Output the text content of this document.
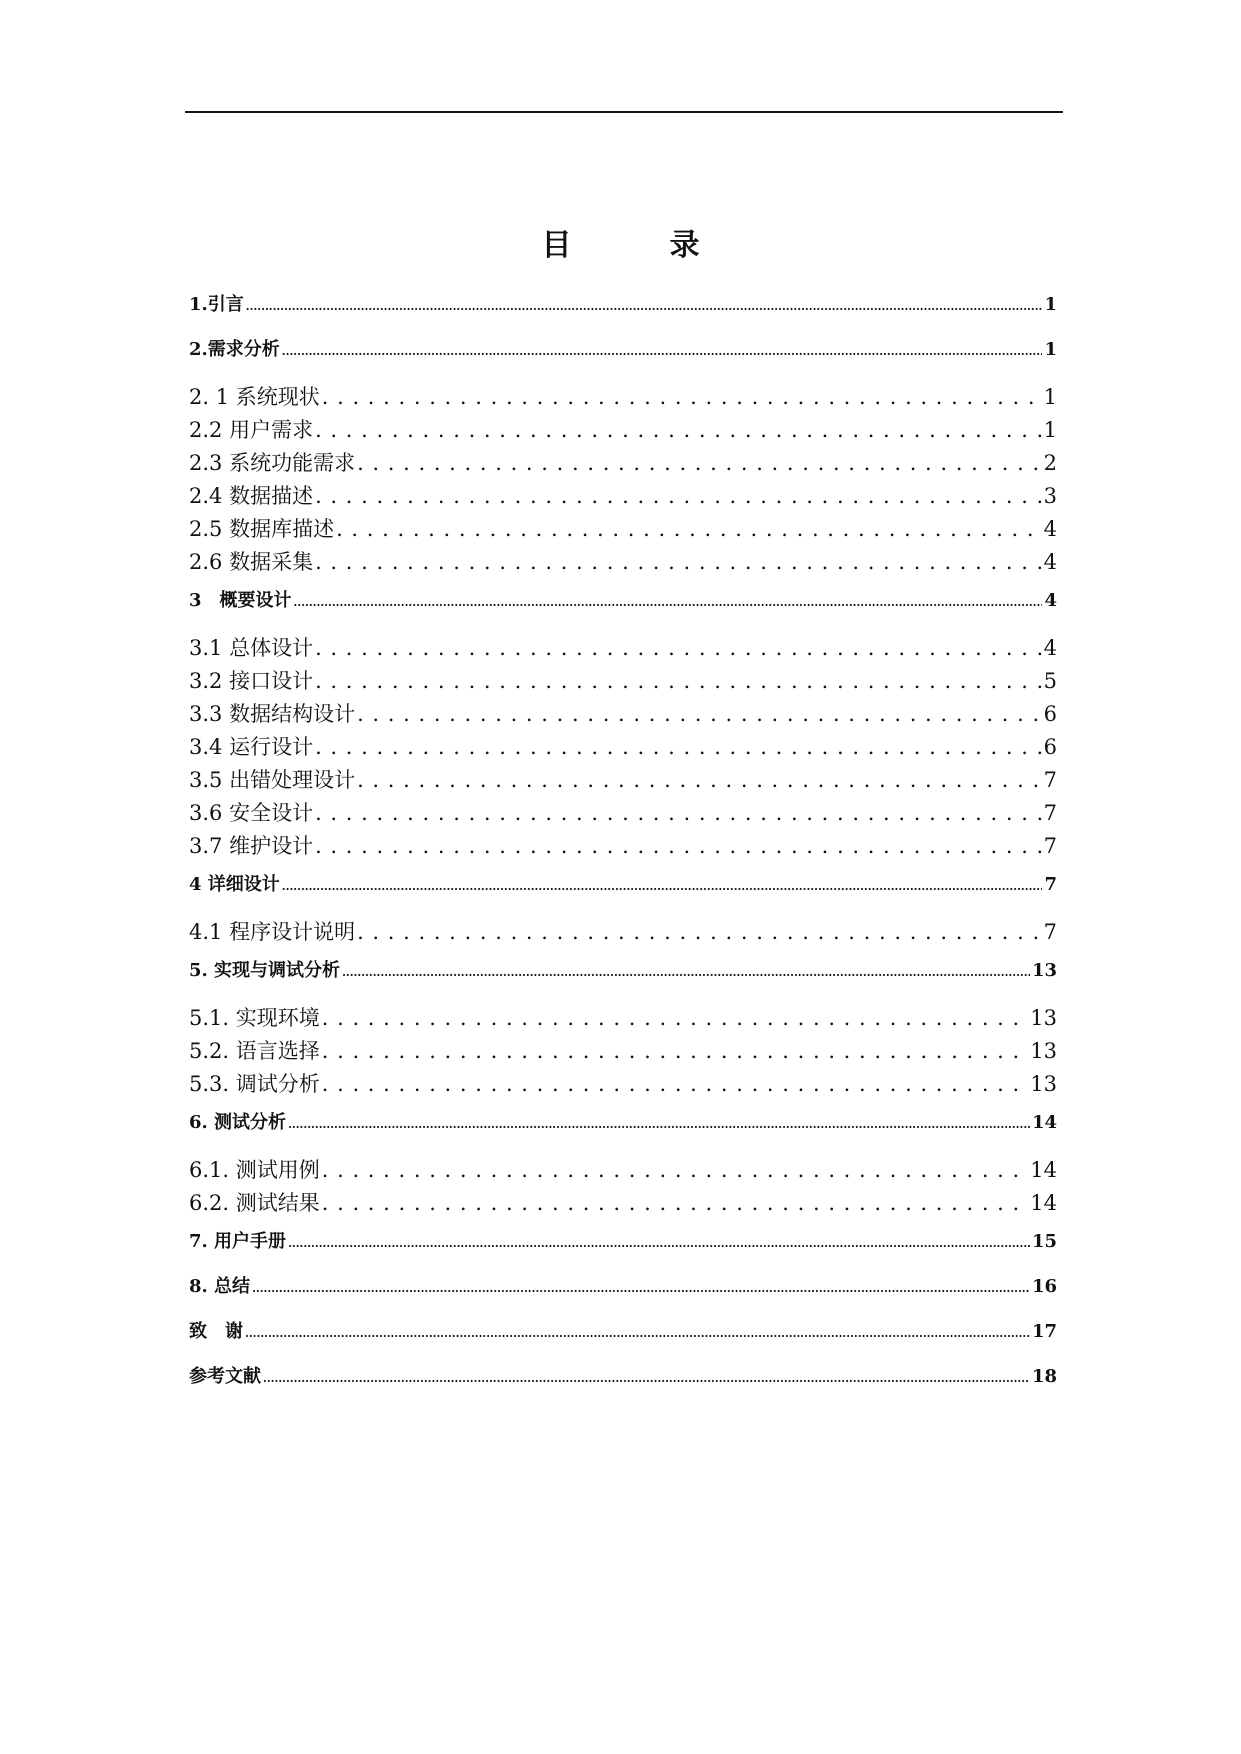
目　录
1.引言 .....	1
2.需求分析 .....	1
2. 1 系统现状 . . .	1
2.2 用户需求 . . .	1
2.3 系统功能需求 . . .	2
2.4 数据描述 . . .	3
2.5 数据库描述 . . .	4
2.6 数据采集 . . .	4
3　概要设计 .....	4
3.1 总体设计 . . .	4
3.2 接口设计 . . .	5
3.3 数据结构设计 . . .	6
3.4 运行设计 . . .	6
3.5 出错处理设计 . . .	7
3.6 安全设计 . . .	7
3.7 维护设计 . . .	7
4 详细设计 .....	7
4.1 程序设计说明 . . .	7
5. 实现与调试分析 .....	13
5.1. 实现环境 . . .	13
5.2. 语言选择 . . .	13
5.3. 调试分析 . . .	13
6. 测试分析 .....	14
6.1. 测试用例 . . .	14
6.2. 测试结果 . . .	14
7. 用户手册 .....	15
8. 总结 .....	16
致　谢 .....	17
参考文献 .....	18
